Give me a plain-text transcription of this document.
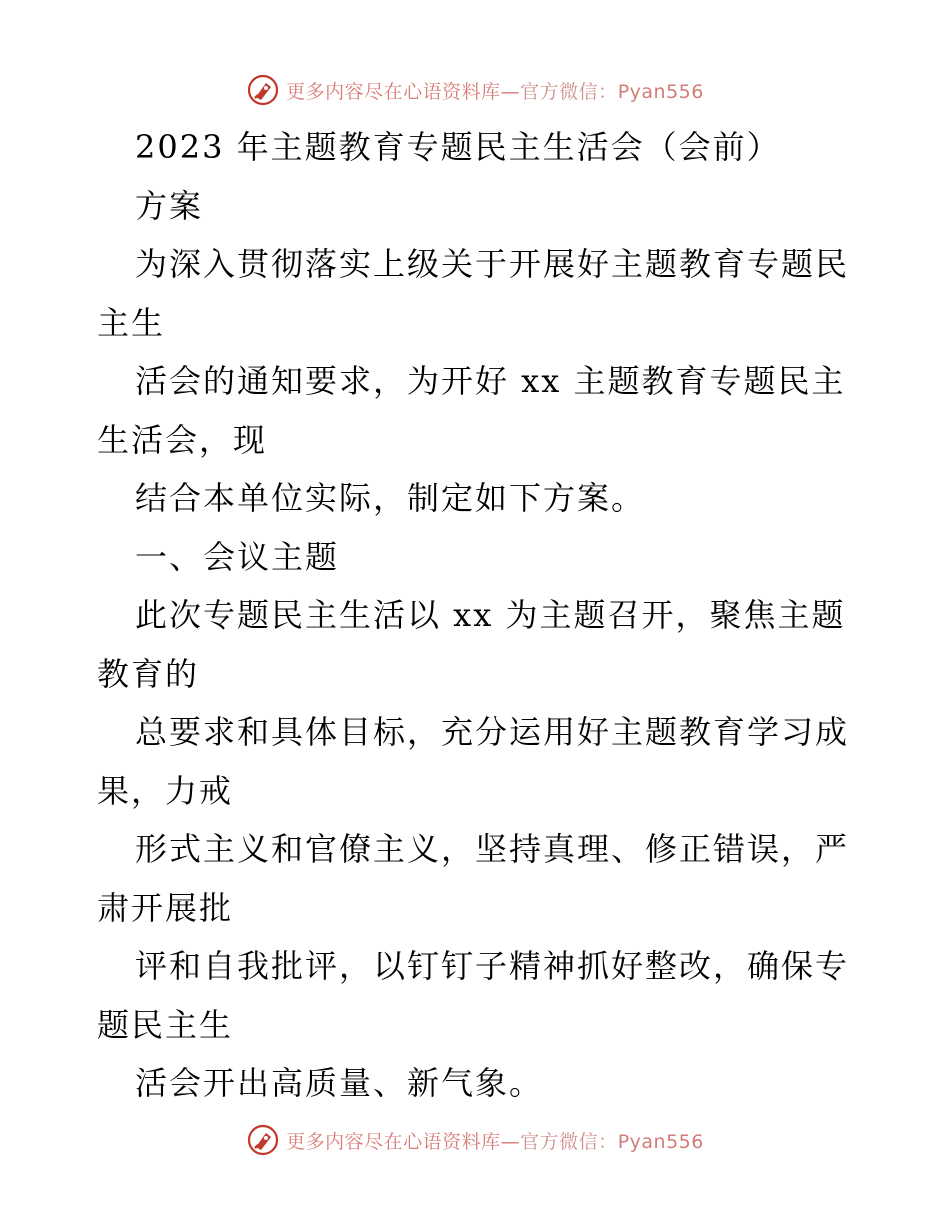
更多内容尽在心语资料库—官方微信：Pyan556
2023 年主题教育专题民主生活会（会前）
方案
为深入贯彻落实上级关于开展好主题教育专题民
主生
活会的通知要求，为开好 xx 主题教育专题民主
生活会，现
结合本单位实际，制定如下方案。
一、会议主题
此次专题民主生活以 xx 为主题召开，聚焦主题
教育的
总要求和具体目标，充分运用好主题教育学习成
果，力戒
形式主义和官僚主义，坚持真理、修正错误，严
肃开展批
评和自我批评，以钉钉子精神抓好整改，确保专
题民主生
活会开出高质量、新气象。
更多内容尽在心语资料库—官方微信：Pyan556
